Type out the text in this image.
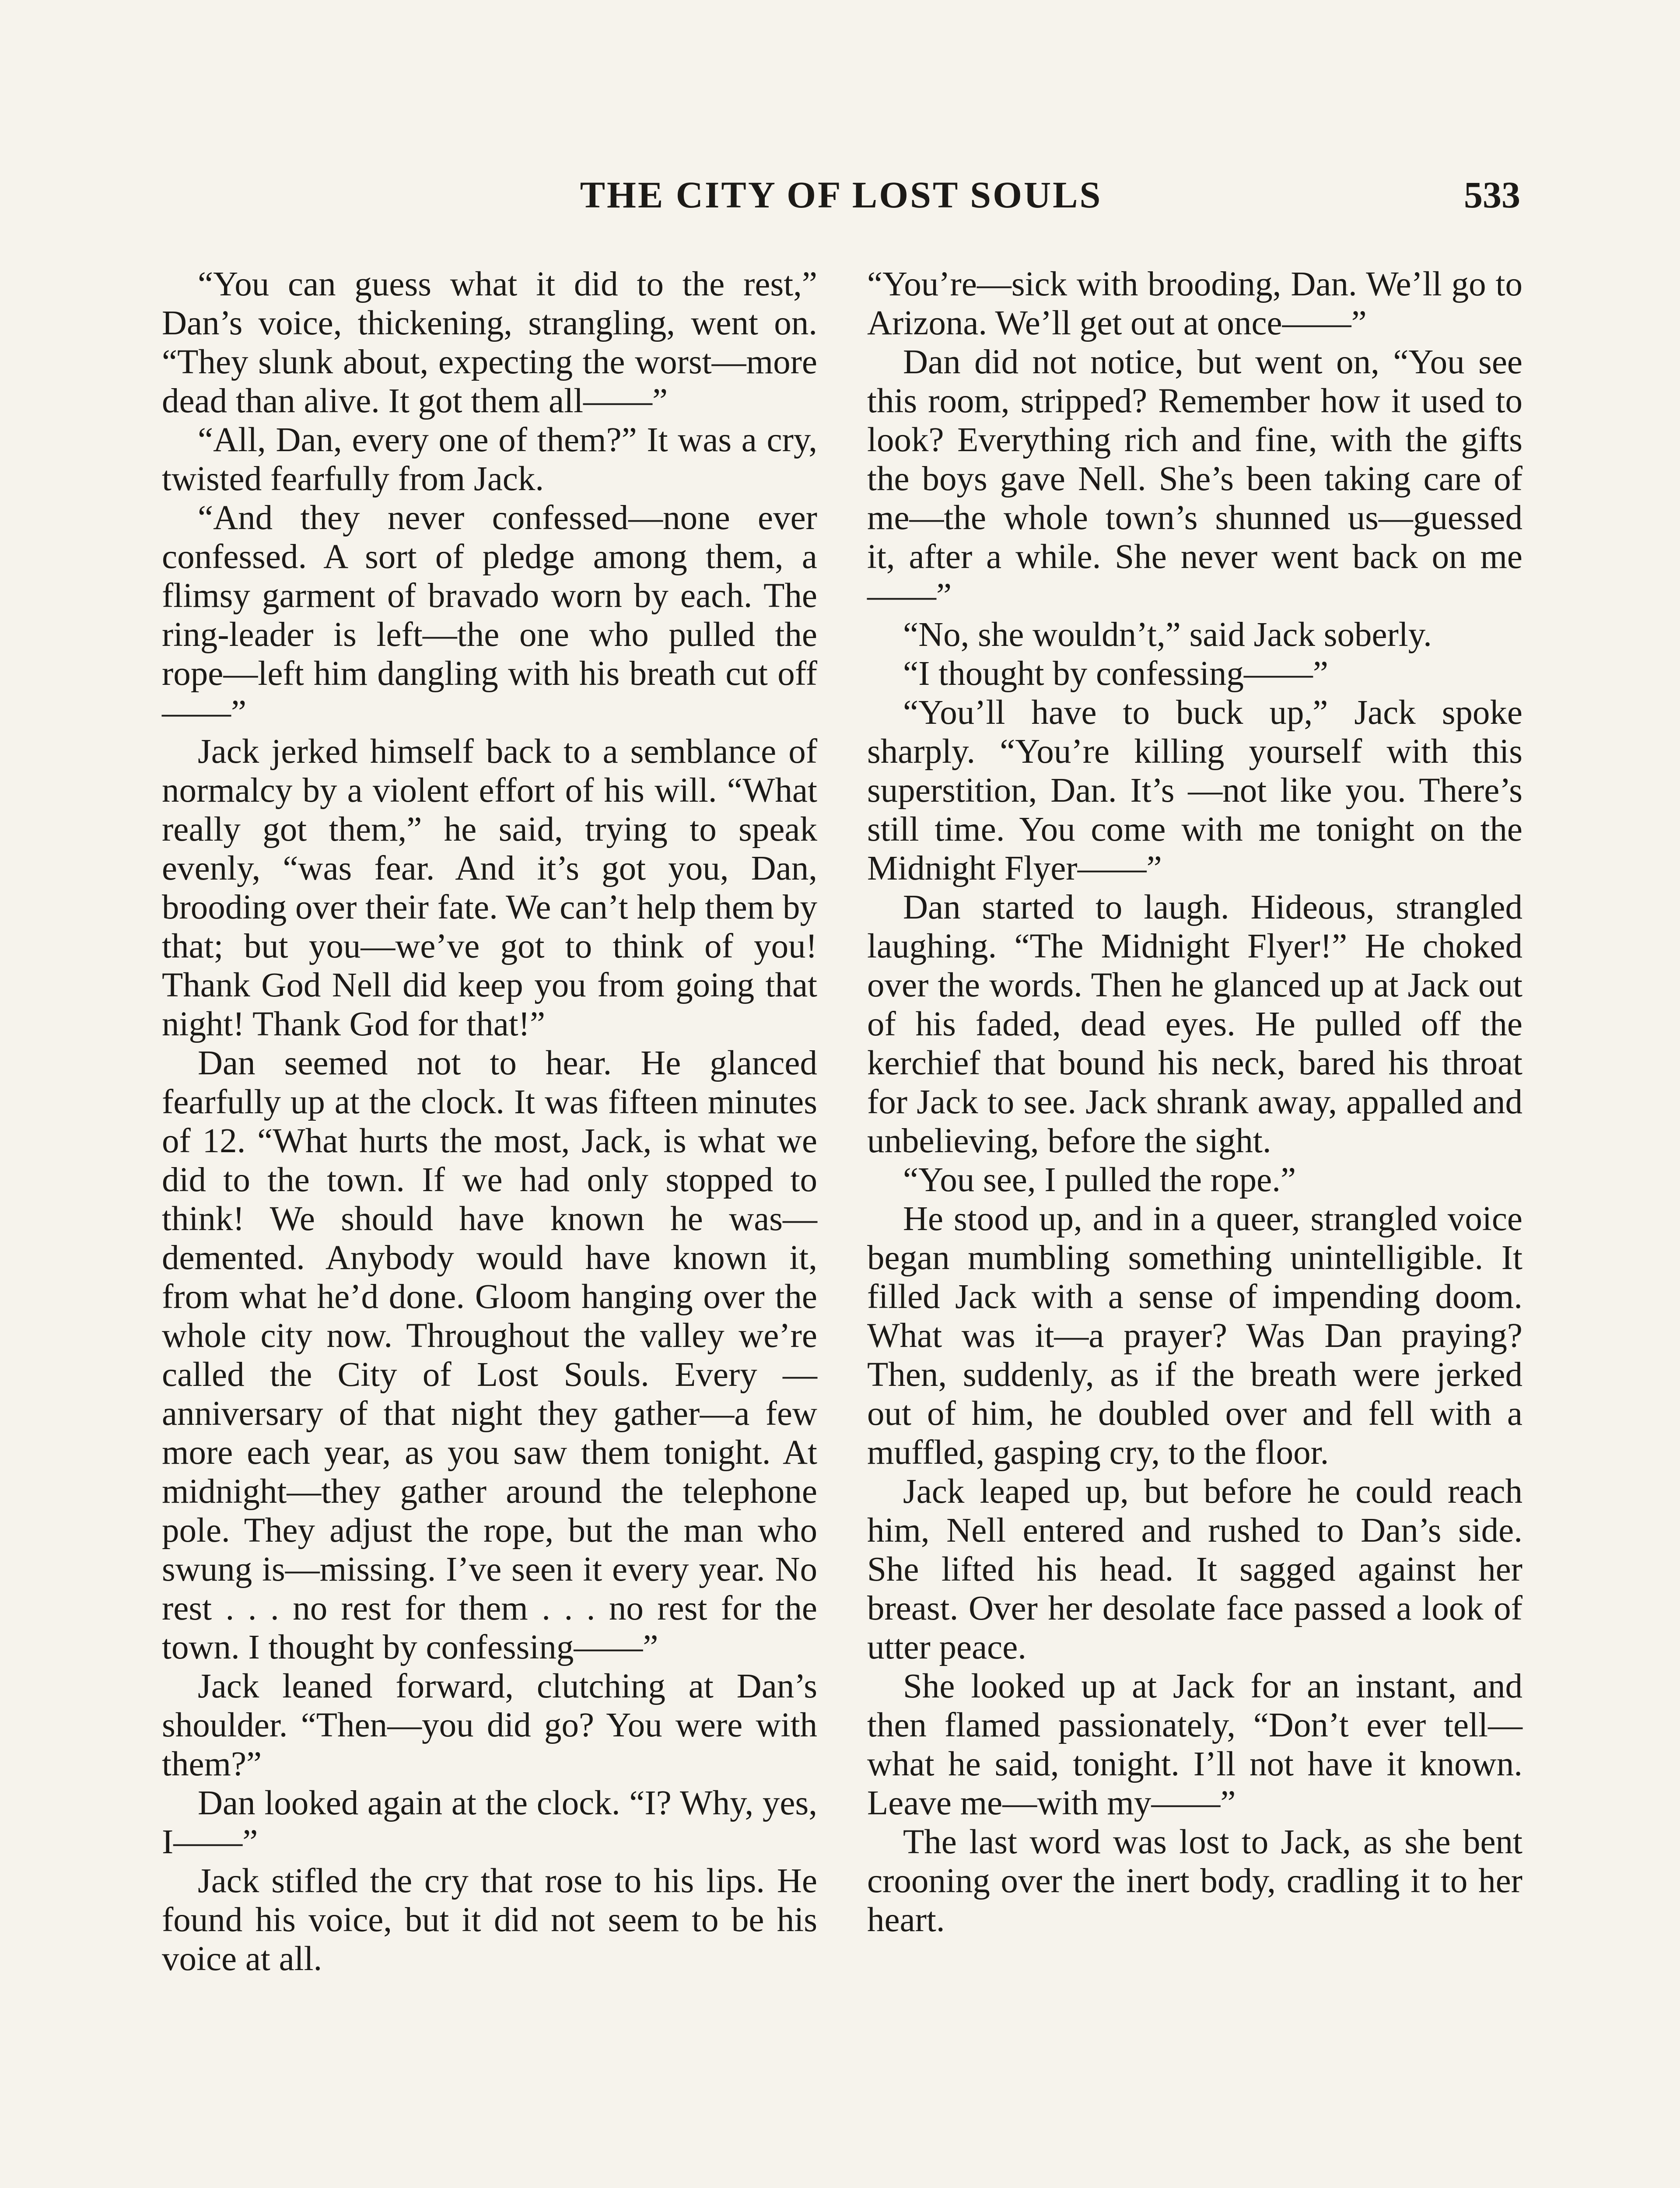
THE CITY OF LOST SOULS	533

“You can guess what it did to the rest,” Dan’s voice, thickening, strangling, went on. “They slunk about, expecting the worst—more dead than alive. It got them all——”

“All, Dan, every one of them?” It was a cry, twisted fearfully from Jack.

“And they never confessed—none ever confessed. A sort of pledge among them, a flimsy garment of bravado worn by each. The ring-leader is left—the one who pulled the rope—left him dangling with his breath cut off——”

Jack jerked himself back to a semblance of normalcy by a violent effort of his will. “What really got them,” he said, trying to speak evenly, “was fear. And it’s got you, Dan, brooding over their fate. We can’t help them by that; but you—we’ve got to think of you! Thank God Nell did keep you from going that night! Thank God for that!”

Dan seemed not to hear. He glanced fearfully up at the clock. It was fifteen minutes of 12. “What hurts the most, Jack, is what we did to the town. If we had only stopped to think! We should have known he was—demented. Anybody would have known it, from what he’d done. Gloom hanging over the whole city now. Throughout the valley we’re called the City of Lost Souls. Every —anniversary of that night they gather—a few more each year, as you saw them tonight. At midnight—they gather around the telephone pole. They adjust the rope, but the man who swung is—missing. I’ve seen it every year. No rest . . . no rest for them . . . no rest for the town. I thought by confessing——”

Jack leaned forward, clutching at Dan’s shoulder. “Then—you did go? You were with them?”

Dan looked again at the clock. “I? Why, yes, I——”

Jack stifled the cry that rose to his lips. He found his voice, but it did not seem to be his voice at all.

“You’re—sick with brooding, Dan. We’ll go to Arizona. We’ll get out at once——”

Dan did not notice, but went on, “You see this room, stripped? Remember how it used to look? Everything rich and fine, with the gifts the boys gave Nell. She’s been taking care of me—the whole town’s shunned us—guessed it, after a while. She never went back on me——”

“No, she wouldn’t,” said Jack soberly.

“I thought by confessing——”

“You’ll have to buck up,” Jack spoke sharply. “You’re killing yourself with this superstition, Dan. It’s —not like you. There’s still time. You come with me tonight on the Midnight Flyer——”

Dan started to laugh. Hideous, strangled laughing. “The Midnight Flyer!” He choked over the words. Then he glanced up at Jack out of his faded, dead eyes. He pulled off the kerchief that bound his neck, bared his throat for Jack to see. Jack shrank away, appalled and unbelieving, before the sight.

“You see, I pulled the rope.”

He stood up, and in a queer, strangled voice began mumbling something unintelligible. It filled Jack with a sense of impending doom. What was it—a prayer? Was Dan praying? Then, suddenly, as if the breath were jerked out of him, he doubled over and fell with a muffled, gasping cry, to the floor.

Jack leaped up, but before he could reach him, Nell entered and rushed to Dan’s side. She lifted his head. It sagged against her breast. Over her desolate face passed a look of utter peace.

She looked up at Jack for an instant, and then flamed passionately, “Don’t ever tell—what he said, tonight. I’ll not have it known. Leave me—with my——”

The last word was lost to Jack, as she bent crooning over the inert body, cradling it to her heart.
